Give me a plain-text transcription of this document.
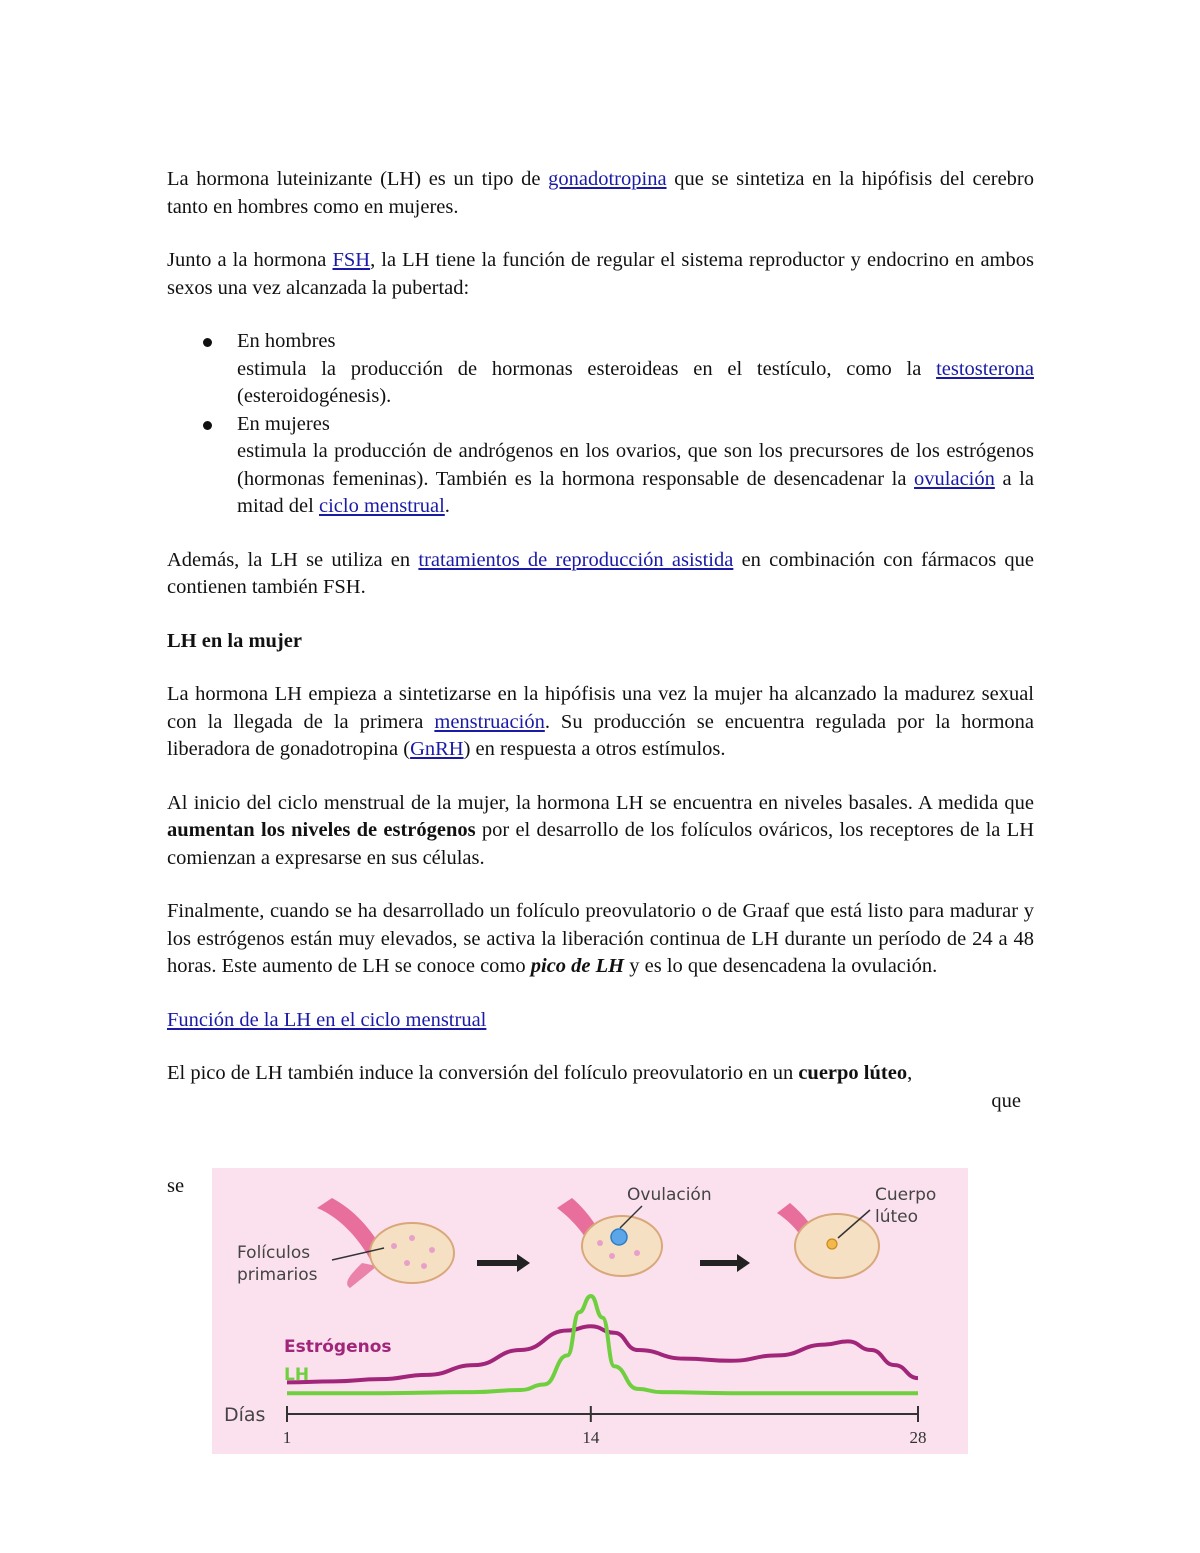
La hormona luteinizante (LH) es un tipo de gonadotropina que se sintetiza en la hipófisis del cerebro tanto en hombres como en mujeres.

Junto a la hormona FSH, la LH tiene la función de regular el sistema reproductor y endocrino en ambos sexos una vez alcanzada la pubertad:

En hombres
estimula la producción de hormonas esteroideas en el testículo, como la testosterona (esteroidogénesis).
En mujeres
estimula la producción de andrógenos en los ovarios, que son los precursores de los estrógenos (hormonas femeninas). También es la hormona responsable de desencadenar la ovulación a la mitad del ciclo menstrual.

Además, la LH se utiliza en tratamientos de reproducción asistida en combinación con fármacos que contienen también FSH.

LH en la mujer

La hormona LH empieza a sintetizarse en la hipófisis una vez la mujer ha alcanzado la madurez sexual con la llegada de la primera menstruación. Su producción se encuentra regulada por la hormona liberadora de gonadotropina (GnRH) en respuesta a otros estímulos.

Al inicio del ciclo menstrual de la mujer, la hormona LH se encuentra en niveles basales. A medida que aumentan los niveles de estrógenos por el desarrollo de los folículos ováricos, los receptores de la LH comienzan a expresarse en sus células.

Finalmente, cuando se ha desarrollado un folículo preovulatorio o de Graaf que está listo para madurar y los estrógenos están muy elevados, se activa la liberación continua de LH durante un período de 24 a 48 horas. Este aumento de LH se conoce como pico de LH y es lo que desencadena la ovulación.

Función de la LH en el ciclo menstrual

El pico de LH también induce la conversión del folículo preovulatorio en un cuerpo lúteo,
que

se
Folículos
primarios
Ovulación	Cuerpo
lúteo
Estrógenos
LH
Días
1	14	28
